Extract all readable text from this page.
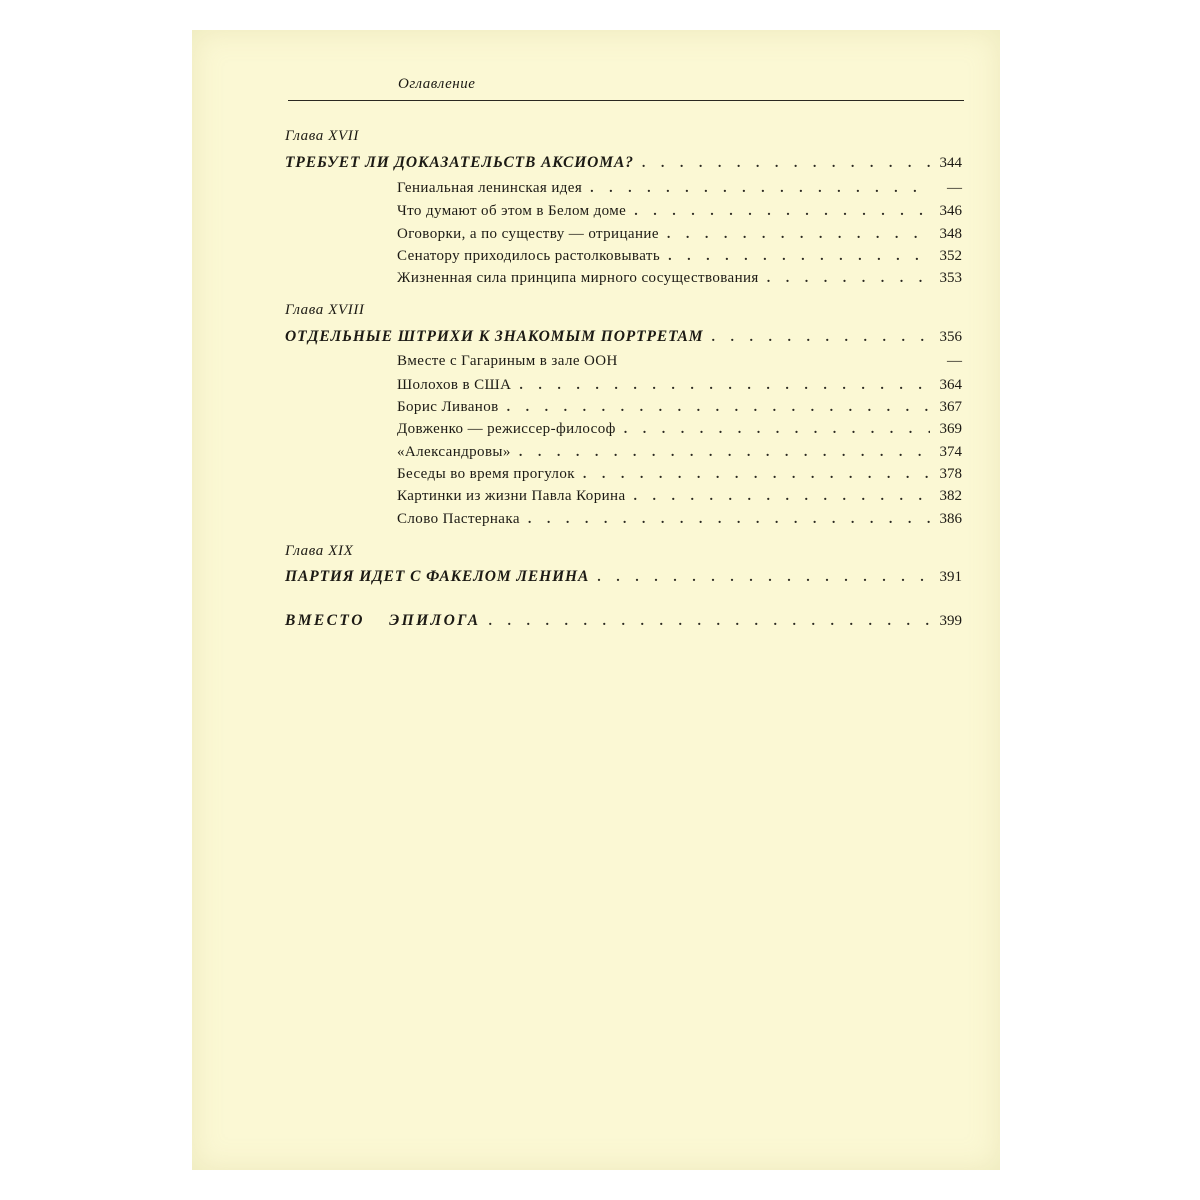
Оглавление
Глава XVII
ТРЕБУЕТ ЛИ ДОКАЗАТЕЛЬСТВ АКСИОМА? . . .	344
Гениальная ленинская идея . . .	—
Что думают об этом в Белом доме . . .	346
Оговорки, а по существу — отрицание . . .	348
Сенатору приходилось растолковывать . . .	352
Жизненная сила принципа мирного сосуществования . . .	353
Глава XVIII
ОТДЕЛЬНЫЕ ШТРИХИ К ЗНАКОМЫМ ПОРТРЕТАМ . . .	356
Вместе с Гагариным в зале ООН	—
Шолохов в США . . .	364
Борис Ливанов . . .	367
Довженко — режиссер-философ . . .	369
«Александровы» . . .	374
Беседы во время прогулок . . .	378
Картинки из жизни Павла Корина . . .	382
Слово Пастернака . . .	386
Глава XIX
ПАРТИЯ ИДЕТ С ФАКЕЛОМ ЛЕНИНА . . .	391
ВМЕСТО ЭПИЛОГА . . .	399
